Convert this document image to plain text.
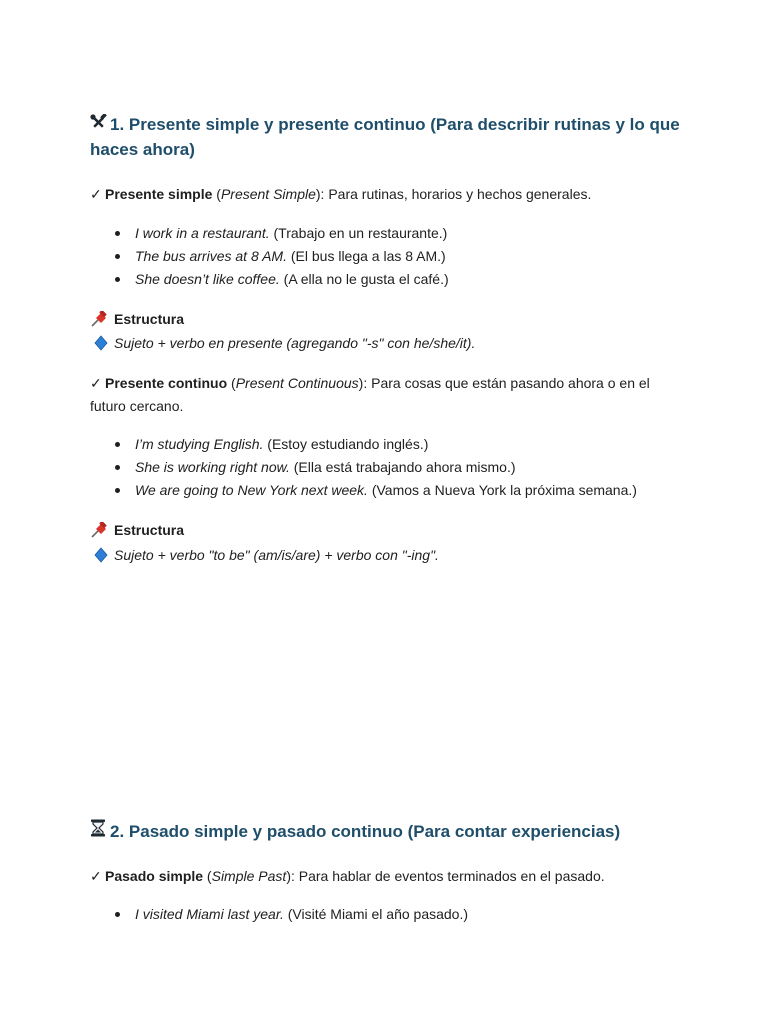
1. Presente simple y presente continuo (Para describir rutinas y lo que haces ahora)

✓ Presente simple (Present Simple): Para rutinas, horarios y hechos generales.

I work in a restaurant. (Trabajo en un restaurante.)
The bus arrives at 8 AM. (El bus llega a las 8 AM.)
She doesn’t like coffee. (A ella no le gusta el café.)

Estructura

Sujeto + verbo en presente (agregando "-s" con he/she/it).

✓ Presente continuo (Present Continuous): Para cosas que están pasando ahora o en el futuro cercano.

I’m studying English. (Estoy estudiando inglés.)
She is working right now. (Ella está trabajando ahora mismo.)
We are going to New York next week. (Vamos a Nueva York la próxima semana.)

Estructura

Sujeto + verbo "to be" (am/is/are) + verbo con "-ing".

2. Pasado simple y pasado continuo (Para contar experiencias)

✓ Pasado simple (Simple Past): Para hablar de eventos terminados en el pasado.

I visited Miami last year. (Visité Miami el año pasado.)
